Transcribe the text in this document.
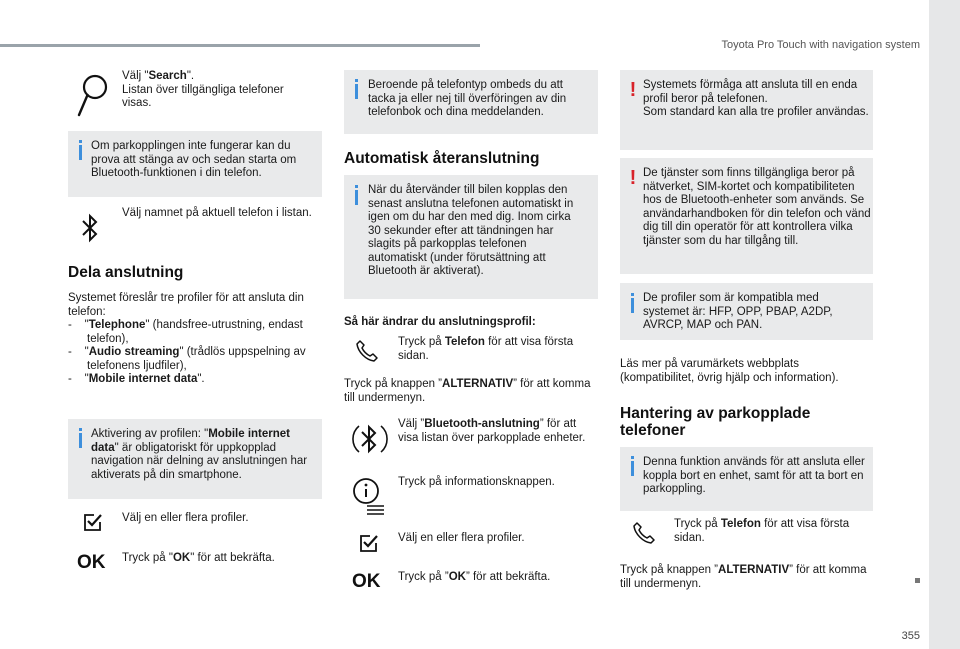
Toyota Pro Touch with navigation system
355
Välj "Search".
Listan över tillgängliga telefoner visas.
Om parkopplingen inte fungerar kan du prova att stänga av och sedan starta om Bluetooth-funktionen i din telefon.
Välj namnet på aktuell telefon i listan.
Dela anslutning
Systemet föreslår tre profiler för att ansluta din telefon:
- "Telephone" (handsfree-utrustning, endast telefon),
- "Audio streaming" (trådlös uppspelning av telefonens ljudfiler),
- "Mobile internet data".
Aktivering av profilen: "Mobile internet data" är obligatoriskt för uppkopplad navigation när delning av anslutningen har aktiverats på din smartphone.
Välj en eller flera profiler.
OK Tryck på "OK" för att bekräfta.
Beroende på telefontyp ombeds du att tacka ja eller nej till överföringen av din telefonbok och dina meddelanden.
Automatisk återanslutning
När du återvänder till bilen kopplas den senast anslutna telefonen automatiskt in igen om du har den med dig. Inom cirka 30 sekunder efter att tändningen har slagits på parkopplas telefonen automatiskt (under förutsättning att Bluetooth är aktiverat).
Så här ändrar du anslutningsprofil:
Tryck på Telefon för att visa första sidan.
Tryck på knappen ”ALTERNATIV” för att komma till undermenyn.
Välj ”Bluetooth-anslutning” för att visa listan över parkopplade enheter.
Tryck på informationsknappen.
Välj en eller flera profiler.
OK Tryck på ”OK” för att bekräfta.
! Systemets förmåga att ansluta till en enda profil beror på telefonen.
Som standard kan alla tre profiler användas.
! De tjänster som finns tillgängliga beror på nätverket, SIM-kortet och kompatibiliteten hos de Bluetooth-enheter som används. Se användarhandboken för din telefon och vänd dig till din operatör för att kontrollera vilka tjänster som du har tillgång till.
De profiler som är kompatibla med systemet är: HFP, OPP, PBAP, A2DP, AVRCP, MAP och PAN.
Läs mer på varumärkets webbplats (kompatibilitet, övrig hjälp och information).
Hantering av parkopplade telefoner
Denna funktion används för att ansluta eller koppla bort en enhet, samt för att ta bort en parkoppling.
Tryck på Telefon för att visa första sidan.
Tryck på knappen ”ALTERNATIV” för att komma till undermenyn.
